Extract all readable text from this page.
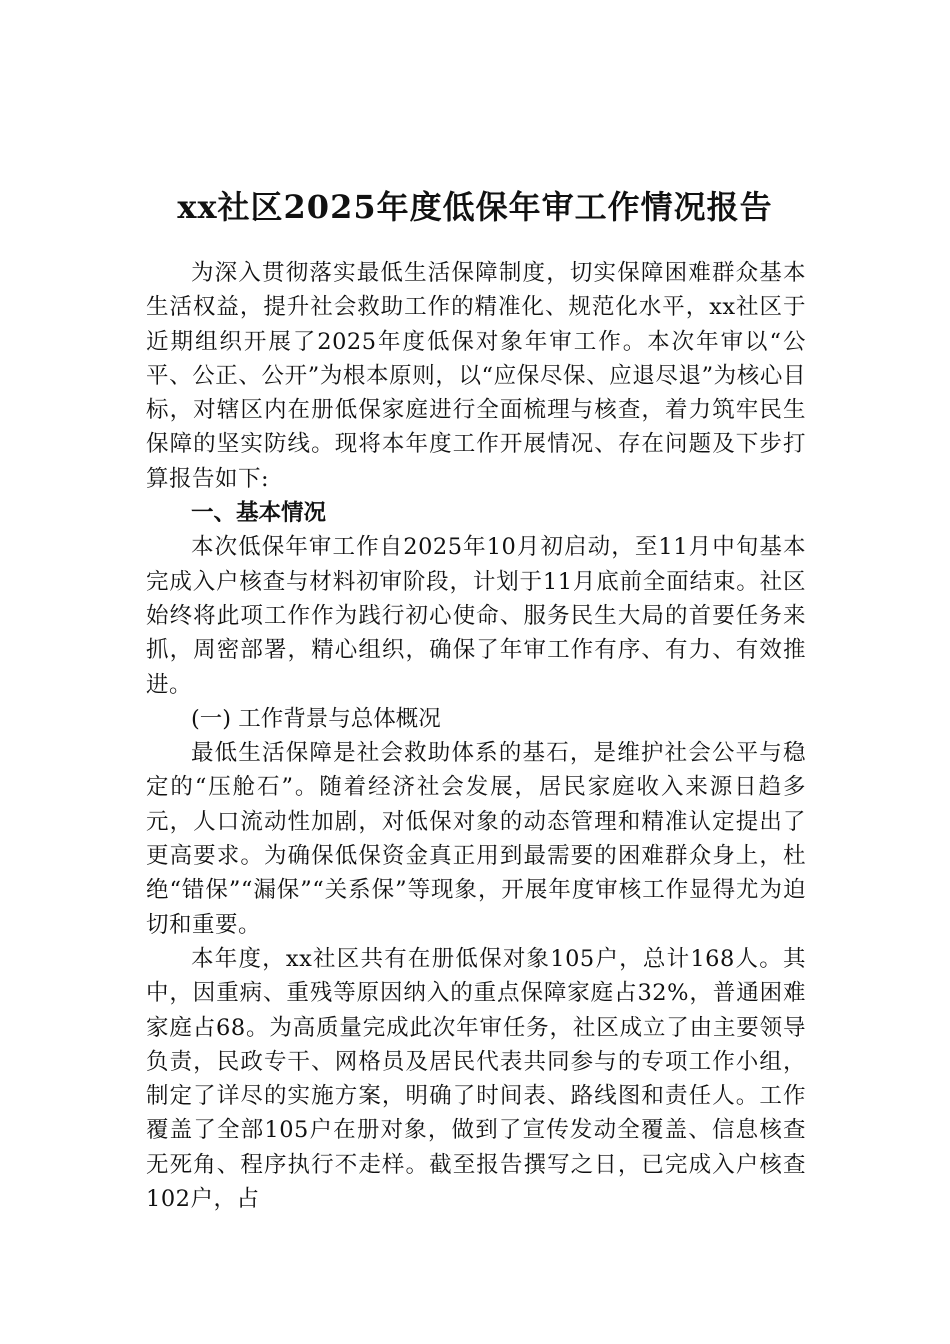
xx社区2025年度低保年审工作情况报告

为深入贯彻落实最低生活保障制度，切实保障困难群众基本生活权益，提升社会救助工作的精准化、规范化水平，xx社区于近期组织开展了2025年度低保对象年审工作。本次年审以“公平、公正、公开”为根本原则，以“应保尽保、应退尽退”为核心目标，对辖区内在册低保家庭进行全面梳理与核查，着力筑牢民生保障的坚实防线。现将本年度工作开展情况、存在问题及下步打算报告如下:

一、基本情况

本次低保年审工作自2025年10月初启动，至11月中旬基本完成入户核查与材料初审阶段，计划于11月底前全面结束。社区始终将此项工作作为践行初心使命、服务民生大局的首要任务来抓，周密部署，精心组织，确保了年审工作有序、有力、有效推进。

(一) 工作背景与总体概况

最低生活保障是社会救助体系的基石，是维护社会公平与稳定的“压舱石”。随着经济社会发展，居民家庭收入来源日趋多元，人口流动性加剧，对低保对象的动态管理和精准认定提出了更高要求。为确保低保资金真正用到最需要的困难群众身上，杜绝“错保”“漏保”“关系保”等现象，开展年度审核工作显得尤为迫切和重要。

本年度，xx社区共有在册低保对象105户，总计168人。其中，因重病、重残等原因纳入的重点保障家庭占32%，普通困难家庭占68。为高质量完成此次年审任务，社区成立了由主要领导负责，民政专干、网格员及居民代表共同参与的专项工作小组，制定了详尽的实施方案，明确了时间表、路线图和责任人。工作覆盖了全部105户在册对象，做到了宣传发动全覆盖、信息核查无死角、程序执行不走样。截至报告撰写之日，已完成入户核查102户，占
